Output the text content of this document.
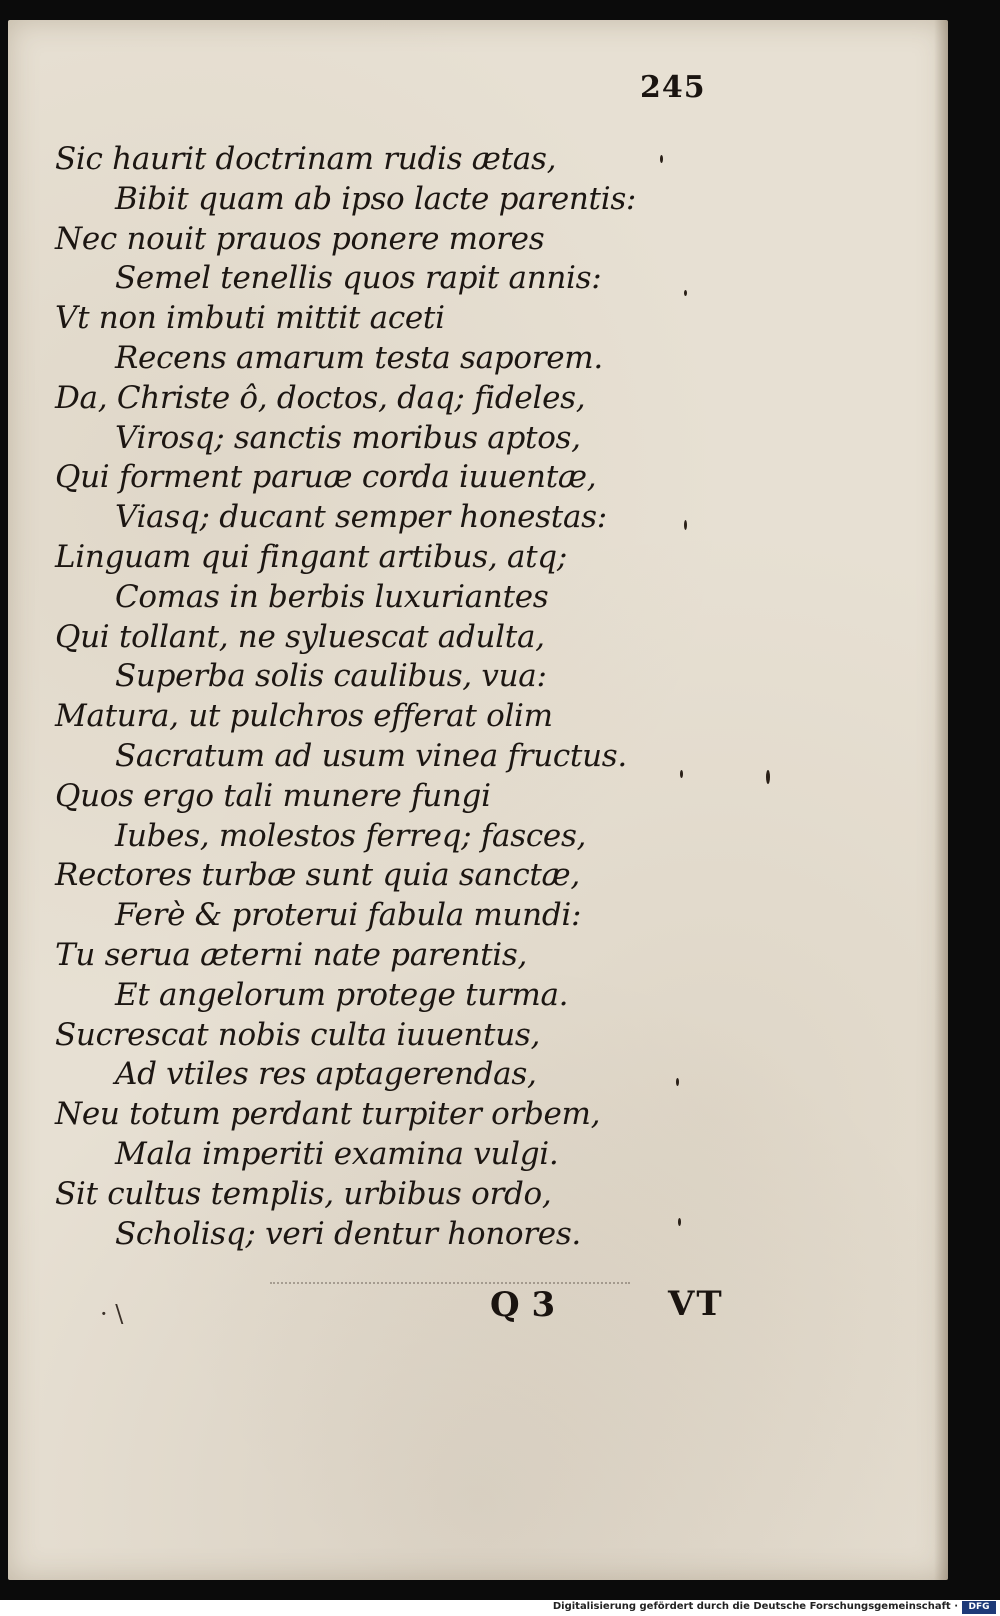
245
Sic haurit doctrinam rudis ætas,
Bibit quam ab ipso lacte parentis:
Nec nouit prauos ponere mores
Semel tenellis quos rapit annis:
Vt non imbuti mittit aceti
Recens amarum testa saporem.
Da, Christe ô, doctos, daq; fideles,
Virosq; sanctis moribus aptos,
Qui forment paruæ corda iuuentæ,
Viasq; ducant semper honestas:
Linguam qui fingant artibus, atq;
Comas in berbis luxuriantes
Qui tollant, ne syluescat adulta,
Superba solis caulibus, vua:
Matura, ut pulchros efferat olim
Sacratum ad usum vinea fructus.
Quos ergo tali munere fungi
Iubes, molestos ferreq; fasces,
Rectores turbæ sunt quia sanctæ,
Ferè & proterui fabula mundi:
Tu serua æterni nate parentis,
Et angelorum protege turma.
Sucrescat nobis culta iuuentus,
Ad vtiles res aptagerendas,
Neu totum perdant turpiter orbem,
Mala imperiti examina vulgi.
Sit cultus templis, urbibus ordo,
Scholisq; veri dentur honores.
· \	Q 3	VT
Digitalisierung gefördert durch die Deutsche Forschungsgemeinschaft ·	DFG
